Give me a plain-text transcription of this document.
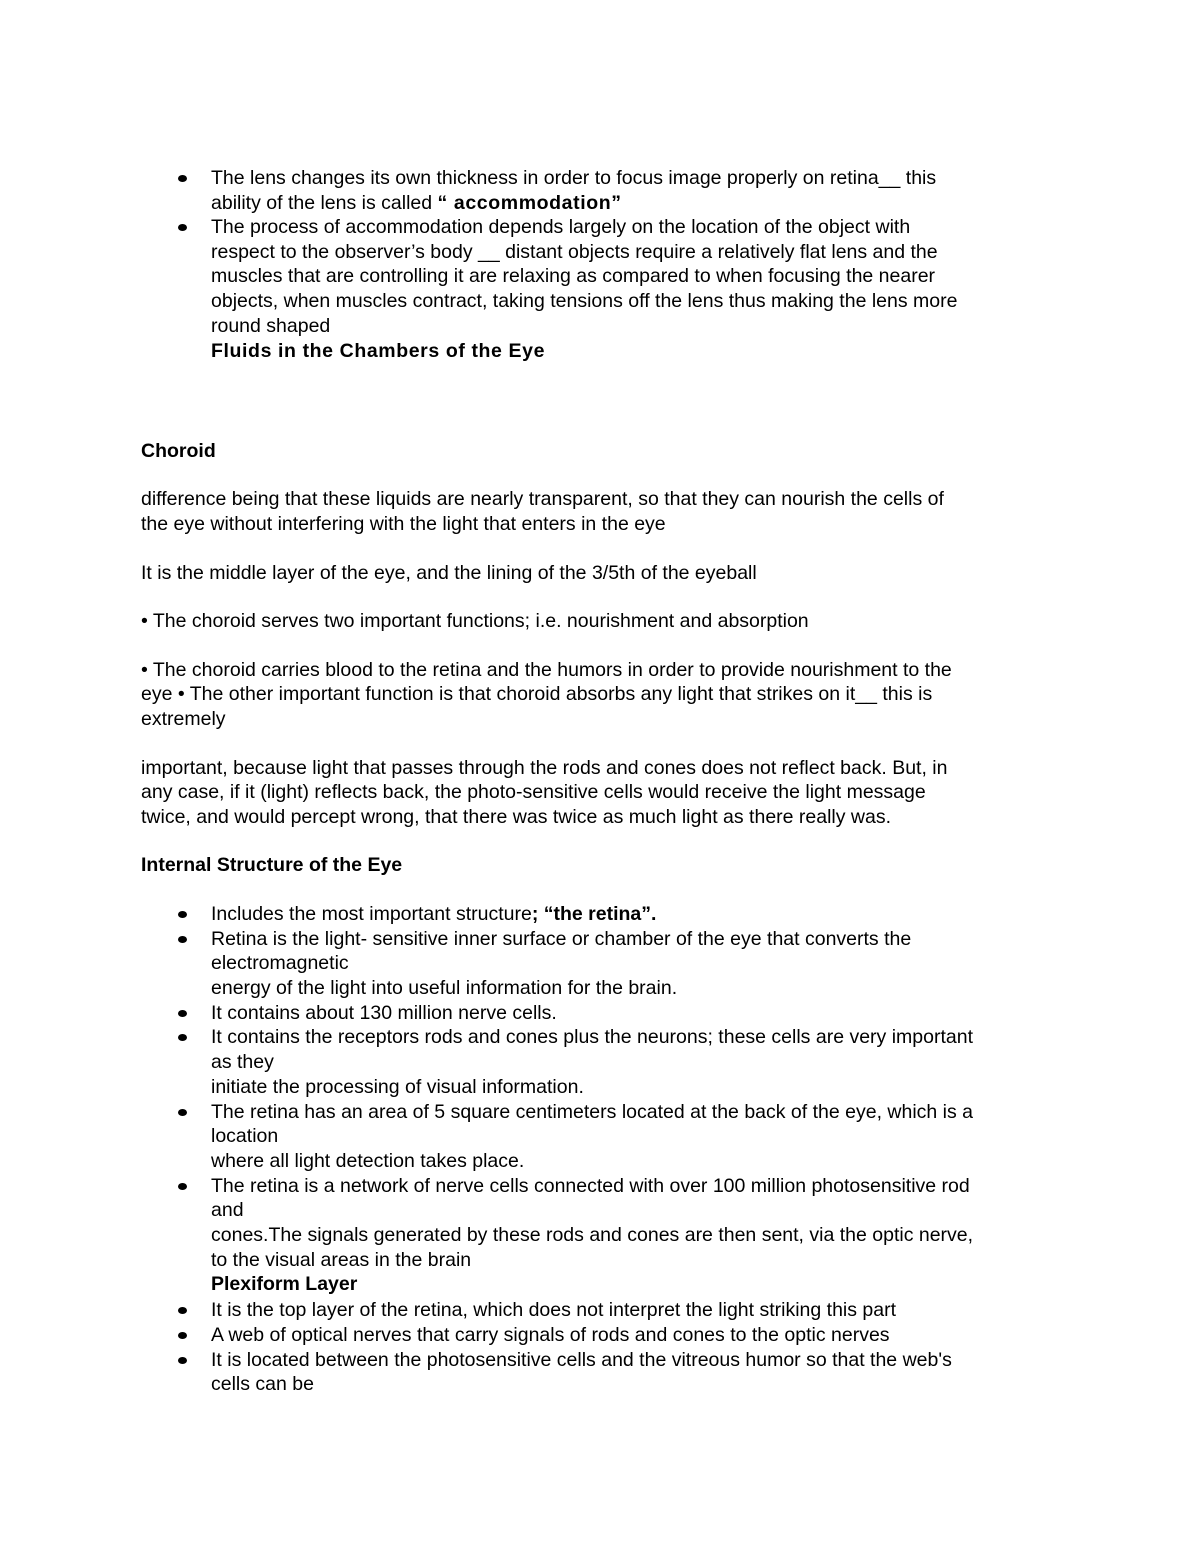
The lens changes its own thickness in order to focus image properly on retina__ this
ability of the lens is called “ accommodation”
The process of accommodation depends largely on the location of the object with
respect to the observer’s body __ distant objects require a relatively flat lens and the
muscles that are controlling it are relaxing as compared to when focusing the nearer
objects, when muscles contract, taking tensions off the lens thus making the lens more
round shaped
Fluids in the Chambers of the Eye
Choroid
difference being that these liquids are nearly transparent, so that they can nourish the cells of
the eye without interfering with the light that enters in the eye
It is the middle layer of the eye, and the lining of the 3/5th of the eyeball
• The choroid serves two important functions; i.e. nourishment and absorption
• The choroid carries blood to the retina and the humors in order to provide nourishment to the
eye • The other important function is that choroid absorbs any light that strikes on it__ this is
extremely
important, because light that passes through the rods and cones does not reflect back. But, in
any case, if it (light) reflects back, the photo-sensitive cells would receive the light message
twice, and would percept wrong, that there was twice as much light as there really was.
Internal Structure of the Eye
Includes the most important structure; “the retina”.
Retina is the light- sensitive inner surface or chamber of the eye that converts the
electromagnetic
energy of the light into useful information for the brain.
It contains about 130 million nerve cells.
It contains the receptors rods and cones plus the neurons; these cells are very important
as they
initiate the processing of visual information.
The retina has an area of 5 square centimeters located at the back of the eye, which is a
location
where all light detection takes place.
The retina is a network of nerve cells connected with over 100 million photosensitive rod
and
cones.The signals generated by these rods and cones are then sent, via the optic nerve,
to the visual areas in the brain
Plexiform Layer
It is the top layer of the retina, which does not interpret the light striking this part
A web of optical nerves that carry signals of rods and cones to the optic nerves
It is located between the photosensitive cells and the vitreous humor so that the web's
cells can be
